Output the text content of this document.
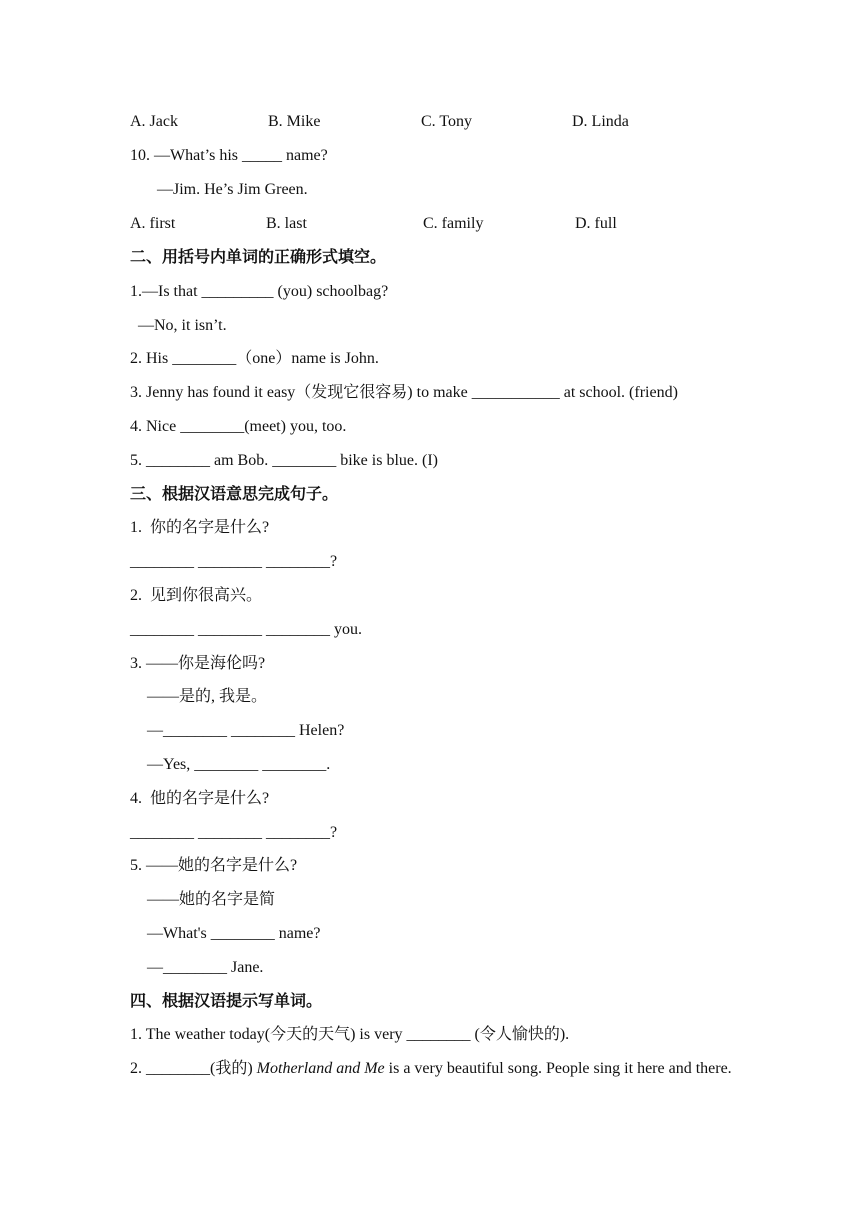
A. Jack	B. Mike	C. Tony	D. Linda
10. —What’s his _____ name?
—Jim. He’s Jim Green.
A. first	B. last	C. family	D. full
二、用括号内单词的正确形式填空。
1.—Is that _________ (you) schoolbag?
—No, it isn’t.
2. His ________（one）name is John.
3. Jenny has found it easy（发现它很容易) to make ___________ at school. (friend)
4. Nice ________(meet) you, too.
5. ________ am Bob. ________ bike is blue. (I)
三、根据汉语意思完成句子。
1.  你的名字是什么?
________ ________ ________?
2.  见到你很高兴。
________ ________ ________ you.
3. ——你是海伦吗?
——是的, 我是。
—________ ________ Helen?
—Yes, ________ ________.
4.  他的名字是什么?
________ ________ ________?
5. ——她的名字是什么?
——她的名字是简
—What's ________ name?
—________ Jane.
四、根据汉语提示写单词。
1. The weather today(今天的天气) is very ________ (令人愉快的).
2. ________(我的) Motherland and Me is a very beautiful song. People sing it here and there.
